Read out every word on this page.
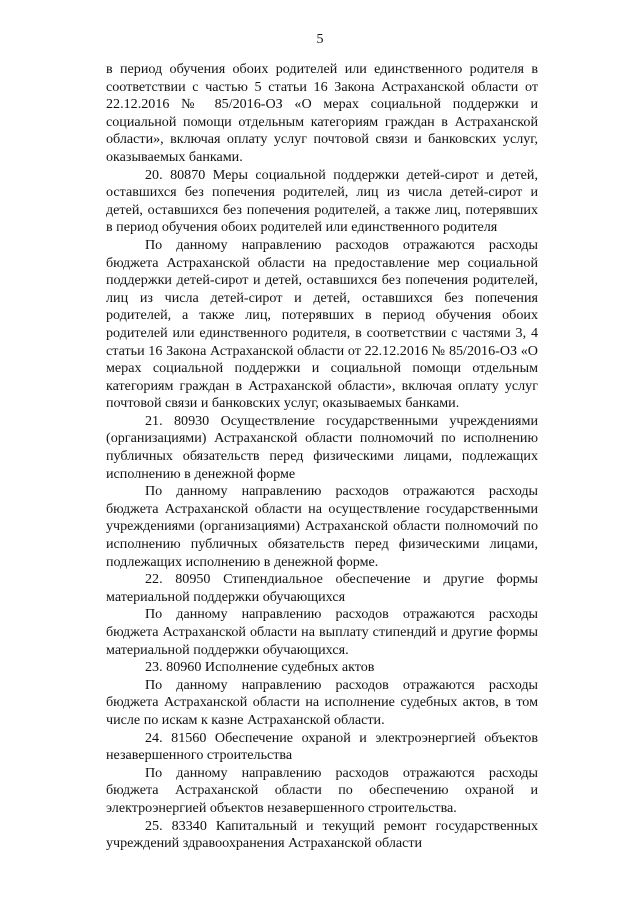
5

в период обучения обоих родителей или единственного родителя в соответствии с частью 5 статьи 16 Закона Астраханской области от 22.12.2016 № 85/2016-ОЗ «О мерах социальной поддержки и социальной помощи отдельным категориям граждан в Астраханской области», включая оплату услуг почтовой связи и банковских услуг, оказываемых банками.

20. 80870 Меры социальной поддержки детей-сирот и детей, оставшихся без попечения родителей, лиц из числа детей-сирот и детей, оставшихся без попечения родителей, а также лиц, потерявших в период обучения обоих родителей или единственного родителя

По данному направлению расходов отражаются расходы бюджета Астраханской области на предоставление мер социальной поддержки детей-сирот и детей, оставшихся без попечения родителей, лиц из числа детей-сирот и детей, оставшихся без попечения родителей, а также лиц, потерявших в период обучения обоих родителей или единственного родителя, в соответствии с частями 3, 4 статьи 16 Закона Астраханской области от 22.12.2016 № 85/2016-ОЗ «О мерах социальной поддержки и социальной помощи отдельным категориям граждан в Астраханской области», включая оплату услуг почтовой связи и банковских услуг, оказываемых банками.

21. 80930 Осуществление государственными учреждениями (организациями) Астраханской области полномочий по исполнению публичных обязательств перед физическими лицами, подлежащих исполнению в денежной форме

По данному направлению расходов отражаются расходы бюджета Астраханской области на осуществление государственными учреждениями (организациями) Астраханской области полномочий по исполнению публичных обязательств перед физическими лицами, подлежащих исполнению в денежной форме.

22. 80950 Стипендиальное обеспечение и другие формы материальной поддержки обучающихся

По данному направлению расходов отражаются расходы бюджета Астраханской области на выплату стипендий и другие формы материальной поддержки обучающихся.

23. 80960 Исполнение судебных актов

По данному направлению расходов отражаются расходы бюджета Астраханской области на исполнение судебных актов, в том числе по искам к казне Астраханской области.

24. 81560 Обеспечение охраной и электроэнергией объектов незавершенного строительства

По данному направлению расходов отражаются расходы бюджета Астраханской области по обеспечению охраной и электроэнергией объектов незавершенного строительства.

25. 83340 Капитальный и текущий ремонт государственных учреждений здравоохранения Астраханской области
